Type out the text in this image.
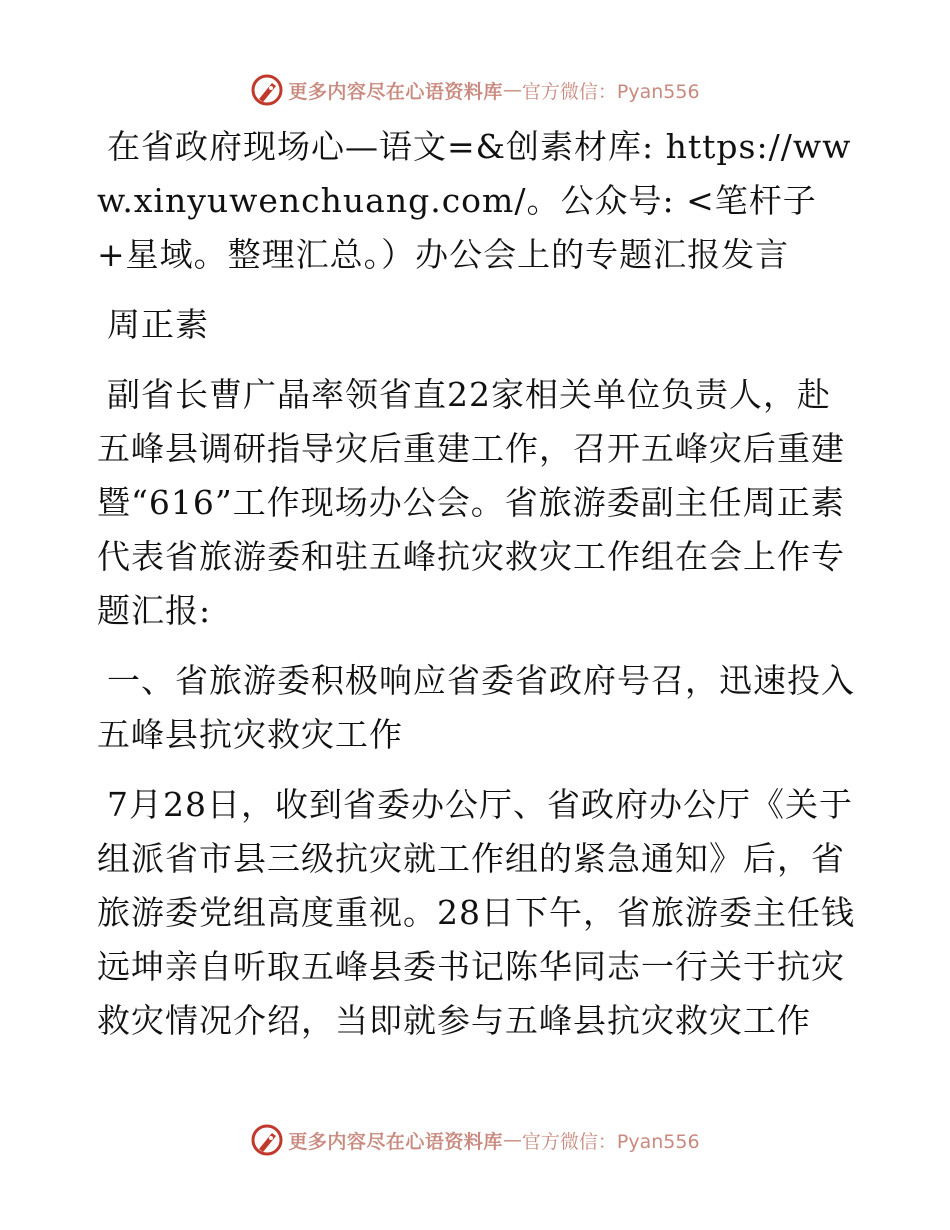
更多内容尽在心语资料库 — 官方微信：Pyan556

在省政府现场心—语文=&创素材库: https://www.xinyuwenchuang.com/。公众号: <笔杆子+星域。整理汇总。）办公会上的专题汇报发言

周正素

副省长曹广晶率领省直22家相关单位负责人，赴五峰县调研指导灾后重建工作，召开五峰灾后重建暨“616”工作现场办公会。省旅游委副主任周正素代表省旅游委和驻五峰抗灾救灾工作组在会上作专题汇报:

一、省旅游委积极响应省委省政府号召，迅速投入五峰县抗灾救灾工作

7月28日，收到省委办公厅、省政府办公厅《关于组派省市县三级抗灾就工作组的紧急通知》后，省旅游委党组高度重视。28日下午，省旅游委主任钱远坤亲自听取五峰县委书记陈华同志一行关于抗灾救灾情况介绍，当即就参与五峰县抗灾救灾工作

更多内容尽在心语资料库 — 官方微信：Pyan556
